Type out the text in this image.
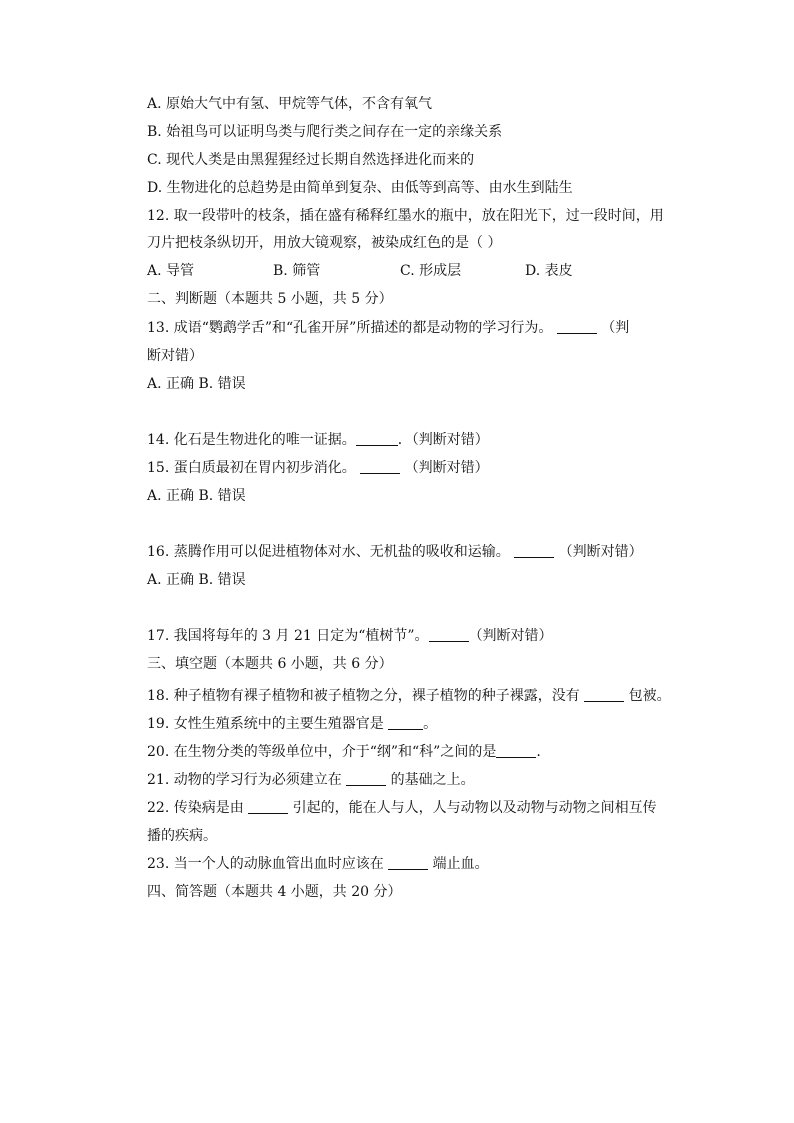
A. 原始大气中有氢、甲烷等气体，不含有氧气
B. 始祖鸟可以证明鸟类与爬行类之间存在一定的亲缘关系
C. 现代人类是由黑猩猩经过长期自然选择进化而来的
D. 生物进化的总趋势是由简单到复杂、由低等到高等、由水生到陆生
12. 取一段带叶的枝条，插在盛有稀释红墨水的瓶中，放在阳光下，过一段时间，用
刀片把枝条纵切开，用放大镜观察，被染成红色的是（ ）
A. 导管	B. 筛管	C. 形成层	D. 表皮
二、判断题（本题共 5 小题，共 5 分）
13. 成语“鹦鹉学舌”和“孔雀开屏”所描述的都是动物的学习行为。	（判
断对错）
A. 正确 B. 错误
14. 化石是生物进化的唯一证据。	．（判断对错）
15. 蛋白质最初在胃内初步消化。	（判断对错）
A. 正确 B. 错误
16. 蒸腾作用可以促进植物体对水、无机盐的吸收和运输。	（判断对错）
A. 正确 B. 错误
17. 我国将每年的 3 月 21 日定为“植树节”。	（判断对错）
三、填空题（本题共 6 小题，共 6 分）
18. 种子植物有裸子植物和被子植物之分，裸子植物的种子裸露，没有	包被。
19. 女性生殖系统中的主要生殖器官是	。
20. 在生物分类的等级单位中，介于“纲”和“科”之间的是	.
21. 动物的学习行为必须建立在	的基础之上。
22. 传染病是由	引起的，能在人与人，人与动物以及动物与动物之间相互传
播的疾病。
23. 当一个人的动脉血管出血时应该在	端止血。
四、简答题（本题共 4 小题，共 20 分）
